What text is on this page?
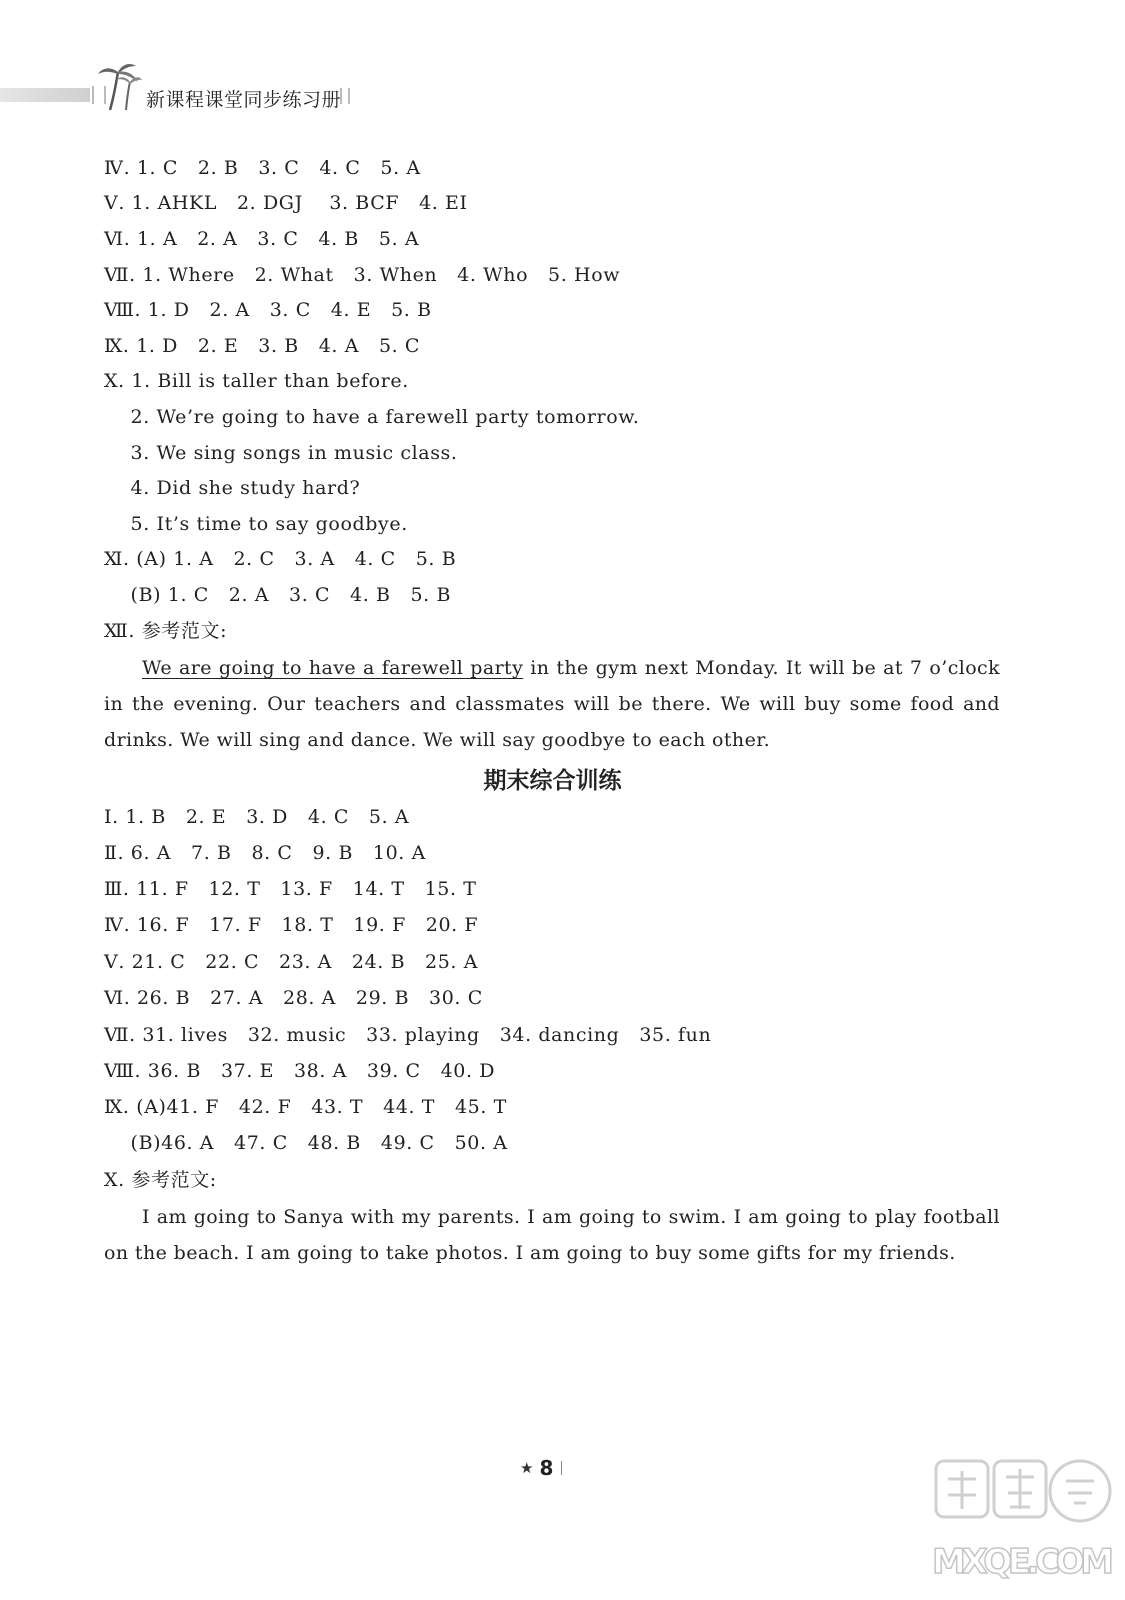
新课程课堂同步练习册
Ⅳ. 1. C   2. B   3. C   4. C   5. A
Ⅴ. 1. AHKL   2. DGJ    3. BCF   4. EI
Ⅵ. 1. A   2. A   3. C   4. B   5. A
Ⅶ. 1. Where   2. What   3. When   4. Who   5. How
Ⅷ. 1. D   2. A   3. C   4. E   5. B
Ⅸ. 1. D   2. E   3. B   4. A   5. C
Ⅹ. 1. Bill is taller than before.
2. We’re going to have a farewell party tomorrow.
3. We sing songs in music class.
4. Did she study hard?
5. It’s time to say goodbye.
Ⅺ. (A) 1. A   2. C   3. A   4. C   5. B
(B) 1. C   2. A   3. C   4. B   5. B
Ⅻ. 参考范文:
We are going to have a farewell party in the gym next Monday. It will be at 7 o’clock in the evening. Our teachers and classmates will be there. We will buy some food and drinks. We will sing and dance. We will say goodbye to each other.
期末综合训练
Ⅰ. 1. B   2. E   3. D   4. C   5. A
Ⅱ. 6. A   7. B   8. C   9. B   10. A
Ⅲ. 11. F   12. T   13. F   14. T   15. T
Ⅳ. 16. F   17. F   18. T   19. F   20. F
Ⅴ. 21. C   22. C   23. A   24. B   25. A
Ⅵ. 26. B   27. A   28. A   29. B   30. C
Ⅶ. 31. lives   32. music   33. playing   34. dancing   35. fun
Ⅷ. 36. B   37. E   38. A   39. C   40. D
Ⅸ. (A)41. F   42. F   43. T   44. T   45. T
(B)46. A   47. C   48. B   49. C   50. A
Ⅹ. 参考范文:
I am going to Sanya with my parents. I am going to swim. I am going to play football on the beach. I am going to take photos. I am going to buy some gifts for my friends.
★ 8
MXQE.COM
